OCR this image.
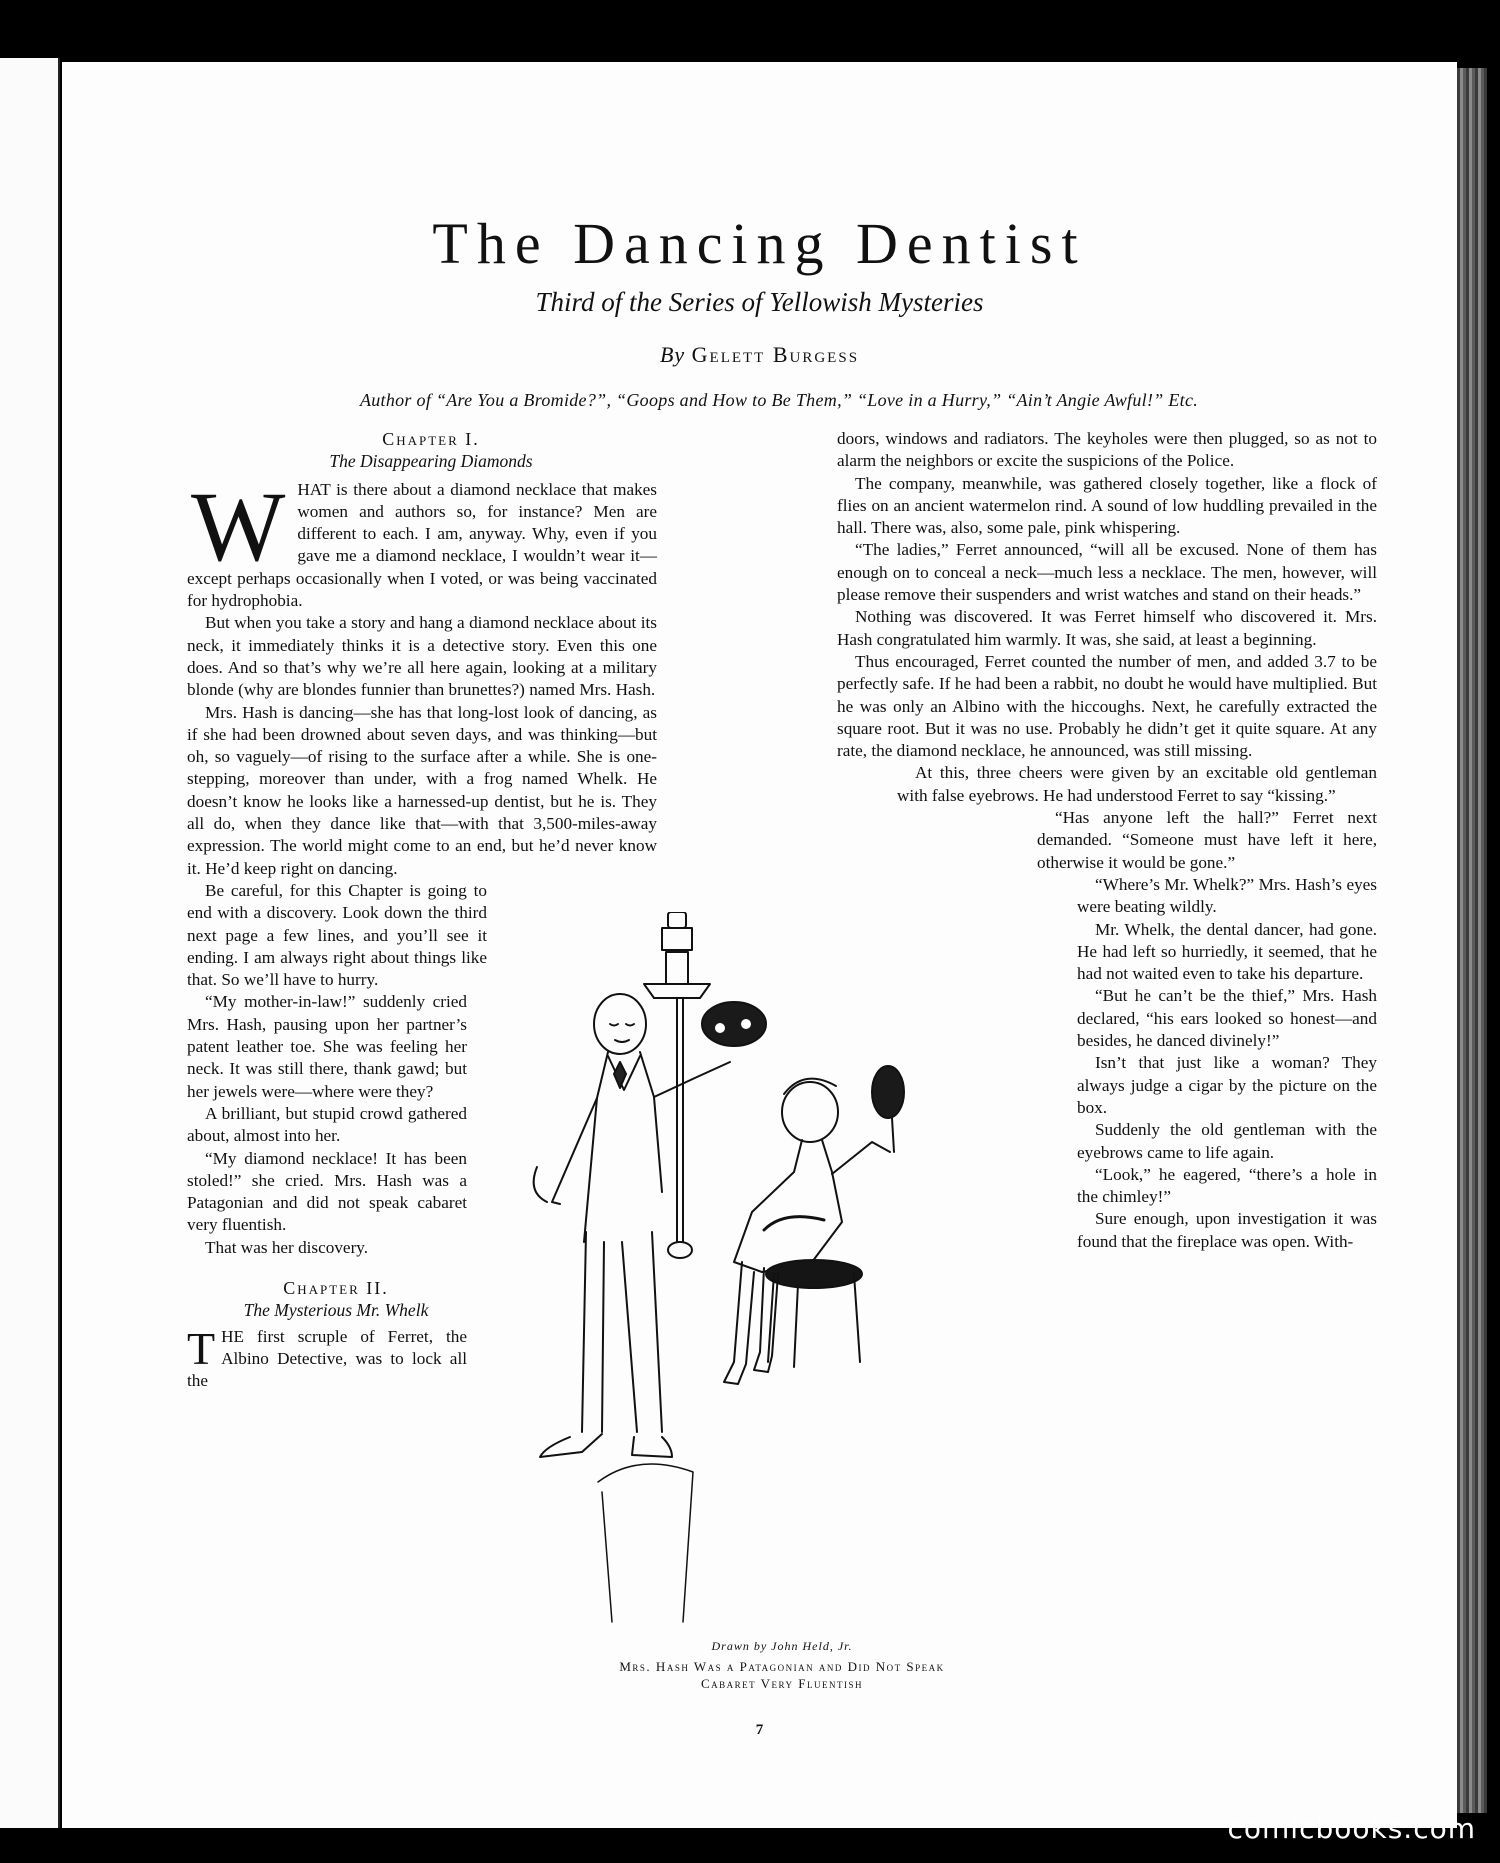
The Dancing Dentist
Third of the Series of Yellowish Mysteries
By Gelett Burgess
Author of “Are You a Bromide?”, “Goops and How to Be Them,” “Love in a Hurry,” “Ain’t Angie Awful!” Etc.

Chapter I.

The Disappearing Diamonds

WHAT is there about a diamond necklace that makes women and authors so, for instance? Men are different to each. I am, anyway. Why, even if you gave me a diamond necklace, I wouldn’t wear it—except perhaps occasionally when I voted, or was being vaccinated for hydrophobia.

But when you take a story and hang a diamond necklace about its neck, it immediately thinks it is a detective story. Even this one does. And so that’s why we’re all here again, looking at a military blonde (why are blondes funnier than brunettes?) named Mrs. Hash.

Mrs. Hash is dancing—she has that long-lost look of dancing, as if she had been drowned about seven days, and was thinking—but oh, so vaguely—of rising to the surface after a while. She is one-stepping, moreover than under, with a frog named Whelk. He doesn’t know he looks like a harnessed-up dentist, but he is. They all do, when they dance like that—with that 3,500-miles-away expression. The world might come to an end, but he’d never know it. He’d keep right on dancing.

Be careful, for this Chapter is going to end with a discovery. Look down the third next page a few lines, and you’ll see it ending. I am always right about things like that. So we’ll have to hurry.

“My mother-in-law!” suddenly cried Mrs. Hash, pausing upon her partner’s patent leather toe. She was feeling her neck. It was still there, thank gawd; but her jewels were—where were they?

A brilliant, but stupid crowd gathered about, almost into her.

“My diamond necklace! It has been stoled!” she cried. Mrs. Hash was a Patagonian and did not speak cabaret very fluentish.

That was her discovery.

Chapter II.

The Mysterious Mr. Whelk

THE first scruple of Ferret, the Albino Detective, was to lock all the

doors, windows and radiators. The keyholes were then plugged, so as not to alarm the neighbors or excite the suspicions of the Police.

The company, meanwhile, was gathered closely together, like a flock of flies on an ancient watermelon rind. A sound of low huddling prevailed in the hall. There was, also, some pale, pink whispering.

“The ladies,” Ferret announced, “will all be excused. None of them has enough on to conceal a neck—much less a necklace. The men, however, will please remove their suspenders and wrist watches and stand on their heads.”

Nothing was discovered. It was Ferret himself who discovered it. Mrs. Hash congratulated him warmly. It was, she said, at least a beginning.

Thus encouraged, Ferret counted the number of men, and added 3.7 to be perfectly safe. If he had been a rabbit, no doubt he would have multiplied. But he was only an Albino with the hiccoughs. Next, he carefully extracted the square root. But it was no use. Probably he didn’t get it quite square. At any rate, the diamond necklace, he announced, was still missing.

At this, three cheers were given by an excitable old gentleman with false eyebrows. He had understood Ferret to say “kissing.”

“Has anyone left the hall?” Ferret next demanded. “Someone must have left it here, otherwise it would be gone.”

“Where’s Mr. Whelk?” Mrs. Hash’s eyes were beating wildly.

Mr. Whelk, the dental dancer, had gone. He had left so hurriedly, it seemed, that he had not waited even to take his departure.

“But he can’t be the thief,” Mrs. Hash declared, “his ears looked so honest—and besides, he danced divinely!”

Isn’t that just like a woman? They always judge a cigar by the picture on the box.

Suddenly the old gentleman with the eyebrows came to life again.

“Look,” he eagered, “there’s a hole in the chimley!”

Sure enough, upon investigation it was found that the fireplace was open. With-

Drawn by John Held, Jr.
Mrs. Hash Was a Patagonian and Did Not Speak Cabaret Very Fluentish
7
comicbooks.com
